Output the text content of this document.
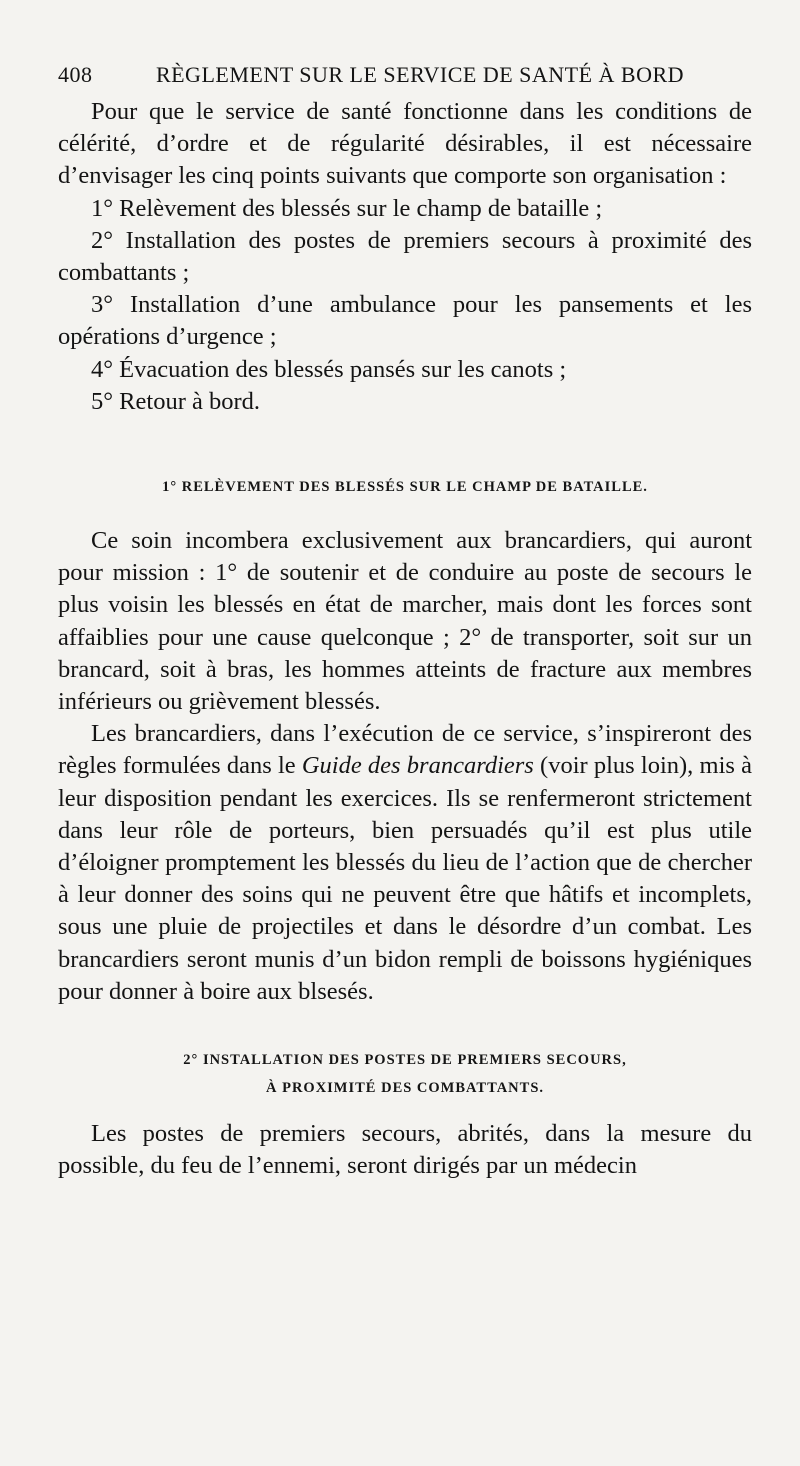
408	RÈGLEMENT SUR LE SERVICE DE SANTÉ À BORD

Pour que le service de santé fonctionne dans les conditions de célérité, d’ordre et de régularité désirables, il est nécessaire d’envisager les cinq points suivants que comporte son organisation :

1° Relèvement des blessés sur le champ de bataille ;
2° Installation des postes de premiers secours à proximité des combattants ;
3° Installation d’une ambulance pour les pansements et les opérations d’urgence ;
4° Évacuation des blessés pansés sur les canots ;
5° Retour à bord.
1° RELÈVEMENT DES BLESSÉS SUR LE CHAMP DE BATAILLE.

Ce soin incombera exclusivement aux brancardiers, qui auront pour mission : 1° de soutenir et de conduire au poste de secours le plus voisin les blessés en état de marcher, mais dont les forces sont affaiblies pour une cause quelconque ; 2° de transporter, soit sur un brancard, soit à bras, les hommes atteints de fracture aux membres inférieurs ou grièvement blessés.

Les brancardiers, dans l’exécution de ce service, s’inspireront des règles formulées dans le Guide des brancardiers (voir plus loin), mis à leur disposition pendant les exercices. Ils se renfermeront strictement dans leur rôle de porteurs, bien persuadés qu’il est plus utile d’éloigner promptement les blessés du lieu de l’action que de chercher à leur donner des soins qui ne peuvent être que hâtifs et incomplets, sous une pluie de projectiles et dans le désordre d’un combat. Les brancardiers seront munis d’un bidon rempli de boissons hygiéniques pour donner à boire aux blsesés.

2° INSTALLATION DES POSTES DE PREMIERS SECOURS,
À PROXIMITÉ DES COMBATTANTS.

Les postes de premiers secours, abrités, dans la mesure du possible, du feu de l’ennemi, seront dirigés par un médecin
